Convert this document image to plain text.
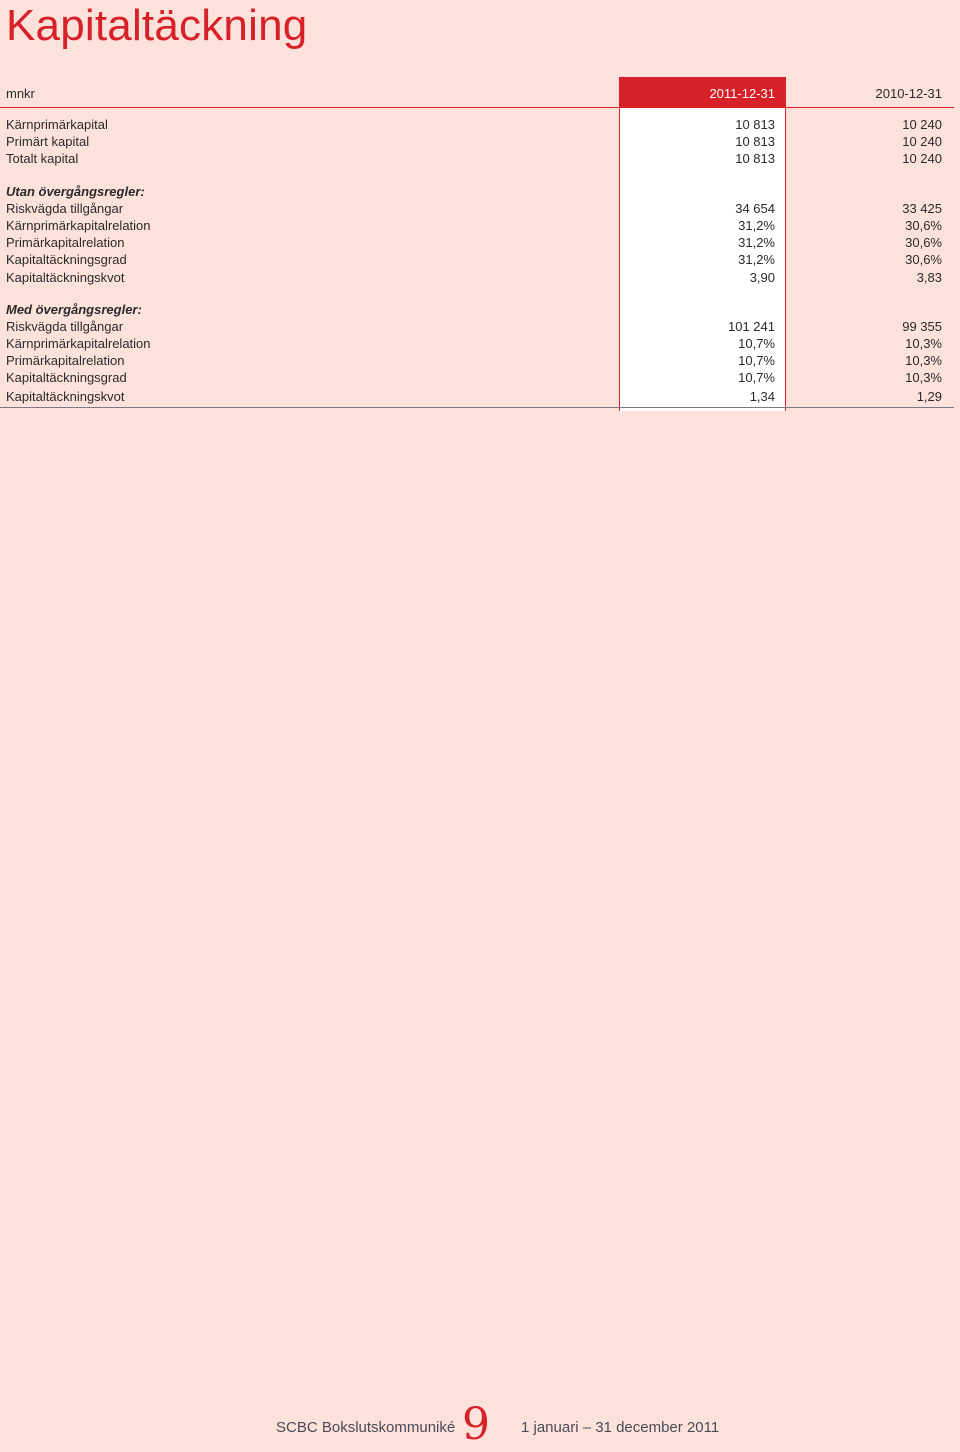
Kapitaltäckning
mnkr	2011-12-31	2010-12-31
Kärnprimärkapital	10 813	10 240
Primärt kapital	10 813	10 240
Totalt kapital	10 813	10 240
Utan övergångsregler:
Riskvägda tillgångar	34 654	33 425
Kärnprimärkapitalrelation	31,2%	30,6%
Primärkapitalrelation	31,2%	30,6%
Kapitaltäckningsgrad	31,2%	30,6%
Kapitaltäckningskvot	3,90	3,83
Med övergångsregler:
Riskvägda tillgångar	101 241	99 355
Kärnprimärkapitalrelation	10,7%	10,3%
Primärkapitalrelation	10,7%	10,3%
Kapitaltäckningsgrad	10,7%	10,3%
Kapitaltäckningskvot	1,34	1,29
SCBC Bokslutskommuniké 9 1 januari – 31 december 2011
